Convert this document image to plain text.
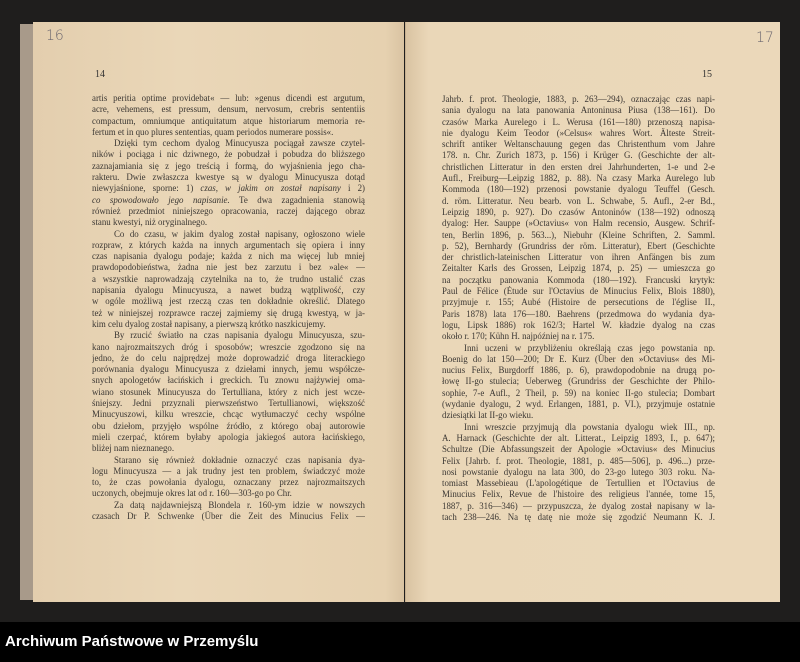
16	17
14	15
artis peritia optime providebat« — lub: »genus dicendi est argutum,
acre, vehemens, est pressum, densum, nervosum, crebris sententiis
compactum, omniumque antiquitatum atque historiarum memoria re-
fertum et in quo plures sententias, quam periodos numerare possis«.
Dzięki tym cechom dyalog Minucyusza pociągał zawsze czytel-
ników i pociąga i nic dziwnego, że pobudzał i pobudza do bliższego
zaznajamiania się z jego treścią i formą, do wyjaśnienia jego cha-
rakteru. Dwie zwłaszcza kwestye są w dyalogu Minucyusza dotąd
niewyjaśnione, sporne: 1) czas, w jakim on został napisany i 2)
co spowodowało jego napisanie. Te dwa zagadnienia stanowią
również przedmiot niniejszego opracowania, raczej dającego obraz
stanu kwestyi, niż oryginalnego.
Co do czasu, w jakim dyalog został napisany, ogłoszono wiele
rozpraw, z których każda na innych argumentach się opiera i inny
czas napisania dyalogu podaje; każda z nich ma więcej lub mniej
prawdopodobieństwa, żadna nie jest bez zarzutu i bez »ale« —
a wszystkie naprowadzają czytelnika na to, że trudno ustalić czas
napisania dyalogu Minucyusza, a nawet budzą wątpliwość, czy
w ogóle możliwą jest rzeczą czas ten dokładnie określić. Dlatego
też w niniejszej rozprawce raczej zajmiemy się drugą kwestyą, w ja-
kim celu dyalog został napisany, a pierwszą krótko naszkicujemy.
By rzucić światło na czas napisania dyalogu Minucyusza, szu-
kano najrozmaitszych dróg i sposobów; wreszcie zgodzono się na
jedno, że do celu najprędzej może doprowadzić droga literackiego
porównania dyalogu Minucyusza z dziełami innych, jemu współcze-
snych apologetów łacińskich i greckich. Tu znowu najżywiej oma-
wiano stosunek Minucyusza do Tertulliana, który z nich jest wcze-
śniejszy. Jedni przyznali pierwszeństwo Tertullianowi, większość
Minucyuszowi, kilku wreszcie, chcąc wytłumaczyć cechy wspólne
obu dziełom, przyjęło wspólne źródło, z którego obaj autorowie
mieli czerpać, którem byłaby apologia jakiegoś autora łacińskiego,
bliżej nam nieznanego.
Starano się również dokładnie oznaczyć czas napisania dya-
logu Minucyusza — a jak trudny jest ten problem, świadczyć może
to, że czas powołania dyalogu, oznaczany przez najrozmaitszych
uczonych, obejmuje okres lat od r. 160—303-go po Chr.
Za datą najdawniejszą Blondela r. 160-ym idzie w nowszych
czasach Dr P. Schwenke (Über die Zeit des Minucius Felix —
Jahrb. f. prot. Theologie, 1883, p. 263—294), oznaczając czas napi-
sania dyalogu na lata panowania Antoninusa Piusa (138—161). Do
czasów Marka Aurelego i L. Werusa (161—180) przenoszą napisa-
nie dyalogu Keim Teodor (»Celsus« wahres Wort. Älteste Streit-
schrift antiker Weltanschauung gegen das Christenthum vom Jahre
178. n. Chr. Zurich 1873, p. 156) i Krüger G. (Geschichte der alt-
christlichen Litteratur in den ersten drei Jahrhunderten, 1-e und 2-e
Aufl., Freiburg—Leipzig 1882, p. 88). Na czasy Marka Aurelego lub
Kommoda (180—192) przenosi powstanie dyalogu Teuffel (Gesch.
d. röm. Litteratur. Neu bearb. von L. Schwabe, 5. Aufl., 2-er Bd.,
Leipzig 1890, p. 927). Do czasów Antoninów (138—192) odnoszą
dyalog: Her. Sauppe (»Octavius« von Halm recensio, Ausgew. Schrif-
ten, Berlin 1896, p. 563...), Niebuhr (Kleine Schriften, 2. Samml.
p. 52), Bernhardy (Grundriss der röm. Litteratur), Ebert (Geschichte
der christlich-lateinischen Litteratur von ihren Anfängen bis zum
Zeitalter Karls des Grossen, Leipzig 1874, p. 25) — umieszcza go
na początku panowania Kommoda (180—192). Francuski krytyk:
Paul de Félice (Étude sur l'Octavius de Minucius Felix, Blois 1880),
przyjmuje r. 155; Aubé (Histoire de persecutions de l'église II.,
Paris 1878) lata 176—180. Baehrens (przedmowa do wydania dya-
logu, Lipsk 1886) rok 162/3; Hartel W. kładzie dyalog na czas
około r. 170; Kühn H. najpóźniej na r. 175.
Inni uczeni w przybliżeniu określają czas jego powstania np.
Boenig do lat 150—200; Dr E. Kurz (Über den »Octavius« des Mi-
nucius Felix, Burgdorff 1886, p. 6), prawdopodobnie na drugą po-
łowę II-go stulecia; Ueberweg (Grundriss der Geschichte der Philo-
sophie, 7-e Aufl., 2 Theil, p. 59) na koniec II-go stulecia; Dombart
(wydanie dyalogu, 2 wyd. Erlangen, 1881, p. VI.), przyjmuje ostatnie
dziesiątki lat II-go wieku.
Inni wreszcie przyjmują dla powstania dyalogu wiek III., np.
A. Harnack (Geschichte der alt. Litterat., Leipzig 1893, I., p. 647);
Schultze (Die Abfassungszeit der Apologie »Octavius« des Minucius
Felix [Jahrb. f. prot. Theologie, 1881, p. 485—506], p. 496...) prze-
nosi powstanie dyalogu na lata 300, do 23-go lutego 303 roku. Na-
tomiast Massebieau (L'apologétique de Tertullien et l'Octavius de
Minucius Felix, Revue de l'histoire des religieus l'année, tome 15,
1887, p. 316—346) — przypuszcza, że dyalog został napisany w la-
tach 238—246. Na tę datę nie może się zgodzić Neumann K. J.
Archiwum Państwowe w Przemyślu
